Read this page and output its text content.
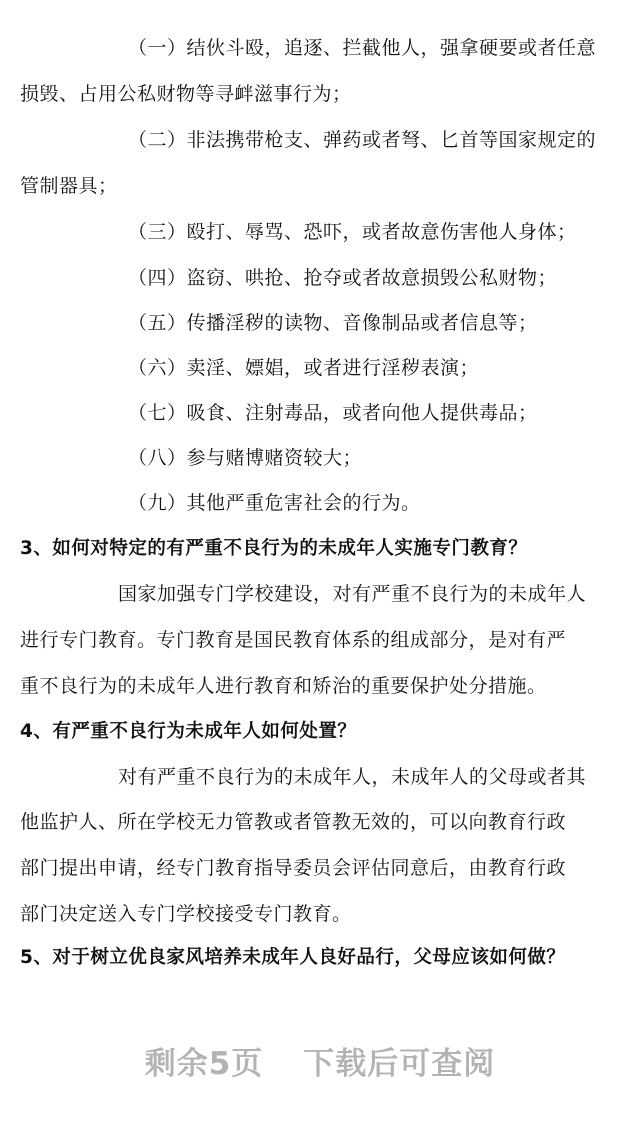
（一）结伙斗殴，追逐、拦截他人，强拿硬要或者任意
损毁、占用公私财物等寻衅滋事行为；
（二）非法携带枪支、弹药或者弩、匕首等国家规定的
管制器具；
（三）殴打、辱骂、恐吓，或者故意伤害他人身体；
（四）盗窃、哄抢、抢夺或者故意损毁公私财物；
（五）传播淫秽的读物、音像制品或者信息等；
（六）卖淫、嫖娼，或者进行淫秽表演；
（七）吸食、注射毒品，或者向他人提供毒品；
（八）参与赌博赌资较大；
（九）其他严重危害社会的行为。
3、如何对特定的有严重不良行为的未成年人实施专门教育？
国家加强专门学校建设，对有严重不良行为的未成年人
进行专门教育。专门教育是国民教育体系的组成部分，是对有严
重不良行为的未成年人进行教育和矫治的重要保护处分措施。
4、有严重不良行为未成年人如何处置？
对有严重不良行为的未成年人，未成年人的父母或者其
他监护人、所在学校无力管教或者管教无效的，可以向教育行政
部门提出申请，经专门教育指导委员会评估同意后，由教育行政
部门决定送入专门学校接受专门教育。
5、对于树立优良家风培养未成年人良好品行，父母应该如何做？
剩余5页 下载后可查阅
